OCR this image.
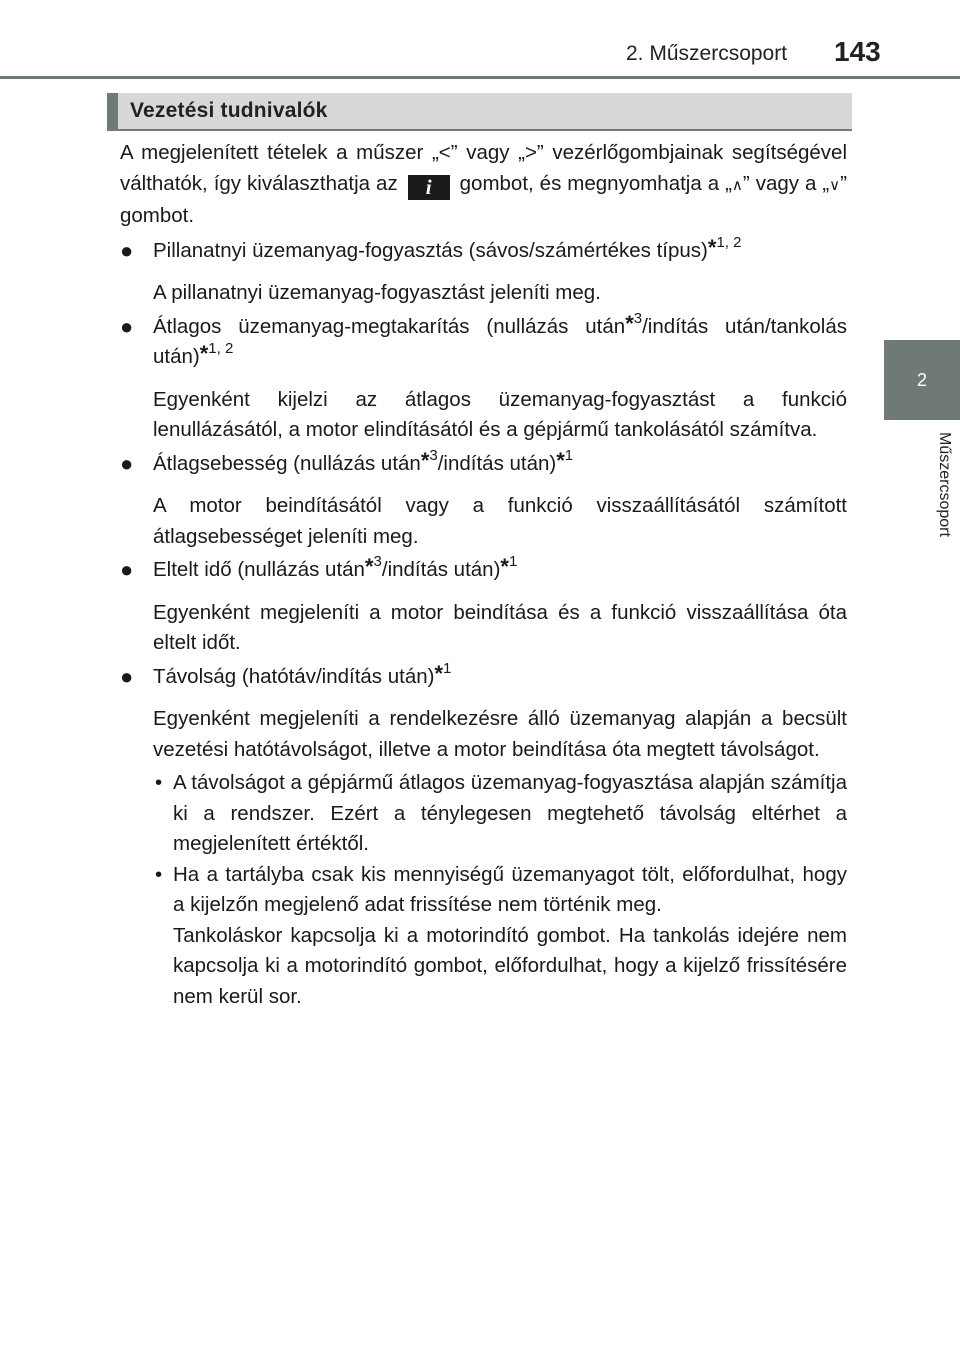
2. Műszercsoport 143
2
Műszercsoport
Vezetési tudnivalók

A megjelenített tételek a műszer „<” vagy „>” vezérlőgombjainak segítségével válthatók, így kiválaszthatja az i gombot, és megnyomhatja a „∧” vagy a „∨” gombot.

● Pillanatnyi üzemanyag-fogyasztás (sávos/számértékes típus)*$^{1, 2}$

A pillanatnyi üzemanyag-fogyasztást jeleníti meg.

● Átlagos üzemanyag-megtakarítás (nullázás után*$^3$/indítás után/tankolás után)*$^{1, 2}$

Egyenként kijelzi az átlagos üzemanyag-fogyasztást a funkció lenullázásától, a motor elindításától és a gépjármű tankolásától számítva.

● Átlagsebesség (nullázás után*$^3$/indítás után)*$^1$

A motor beindításától vagy a funkció visszaállításától számított átlagsebességet jeleníti meg.

● Eltelt idő (nullázás után*$^3$/indítás után)*$^1$

Egyenként megjeleníti a motor beindítása és a funkció visszaállítása óta eltelt időt.

● Távolság (hatótáv/indítás után)*$^1$

Egyenként megjeleníti a rendelkezésre álló üzemanyag alapján a becsült vezetési hatótávolságot, illetve a motor beindítása óta megtett távolságot.

• A távolságot a gépjármű átlagos üzemanyag-fogyasztása alapján számítja ki a rendszer. Ezért a ténylegesen megtehető távolság eltérhet a megjelenített értéktől.

• Ha a tartályba csak kis mennyiségű üzemanyagot tölt, előfordulhat, hogy a kijelzőn megjelenő adat frissítése nem történik meg.

Tankoláskor kapcsolja ki a motorindító gombot. Ha tankolás idejére nem kapcsolja ki a motorindító gombot, előfordulhat, hogy a kijelző frissítésére nem kerül sor.
